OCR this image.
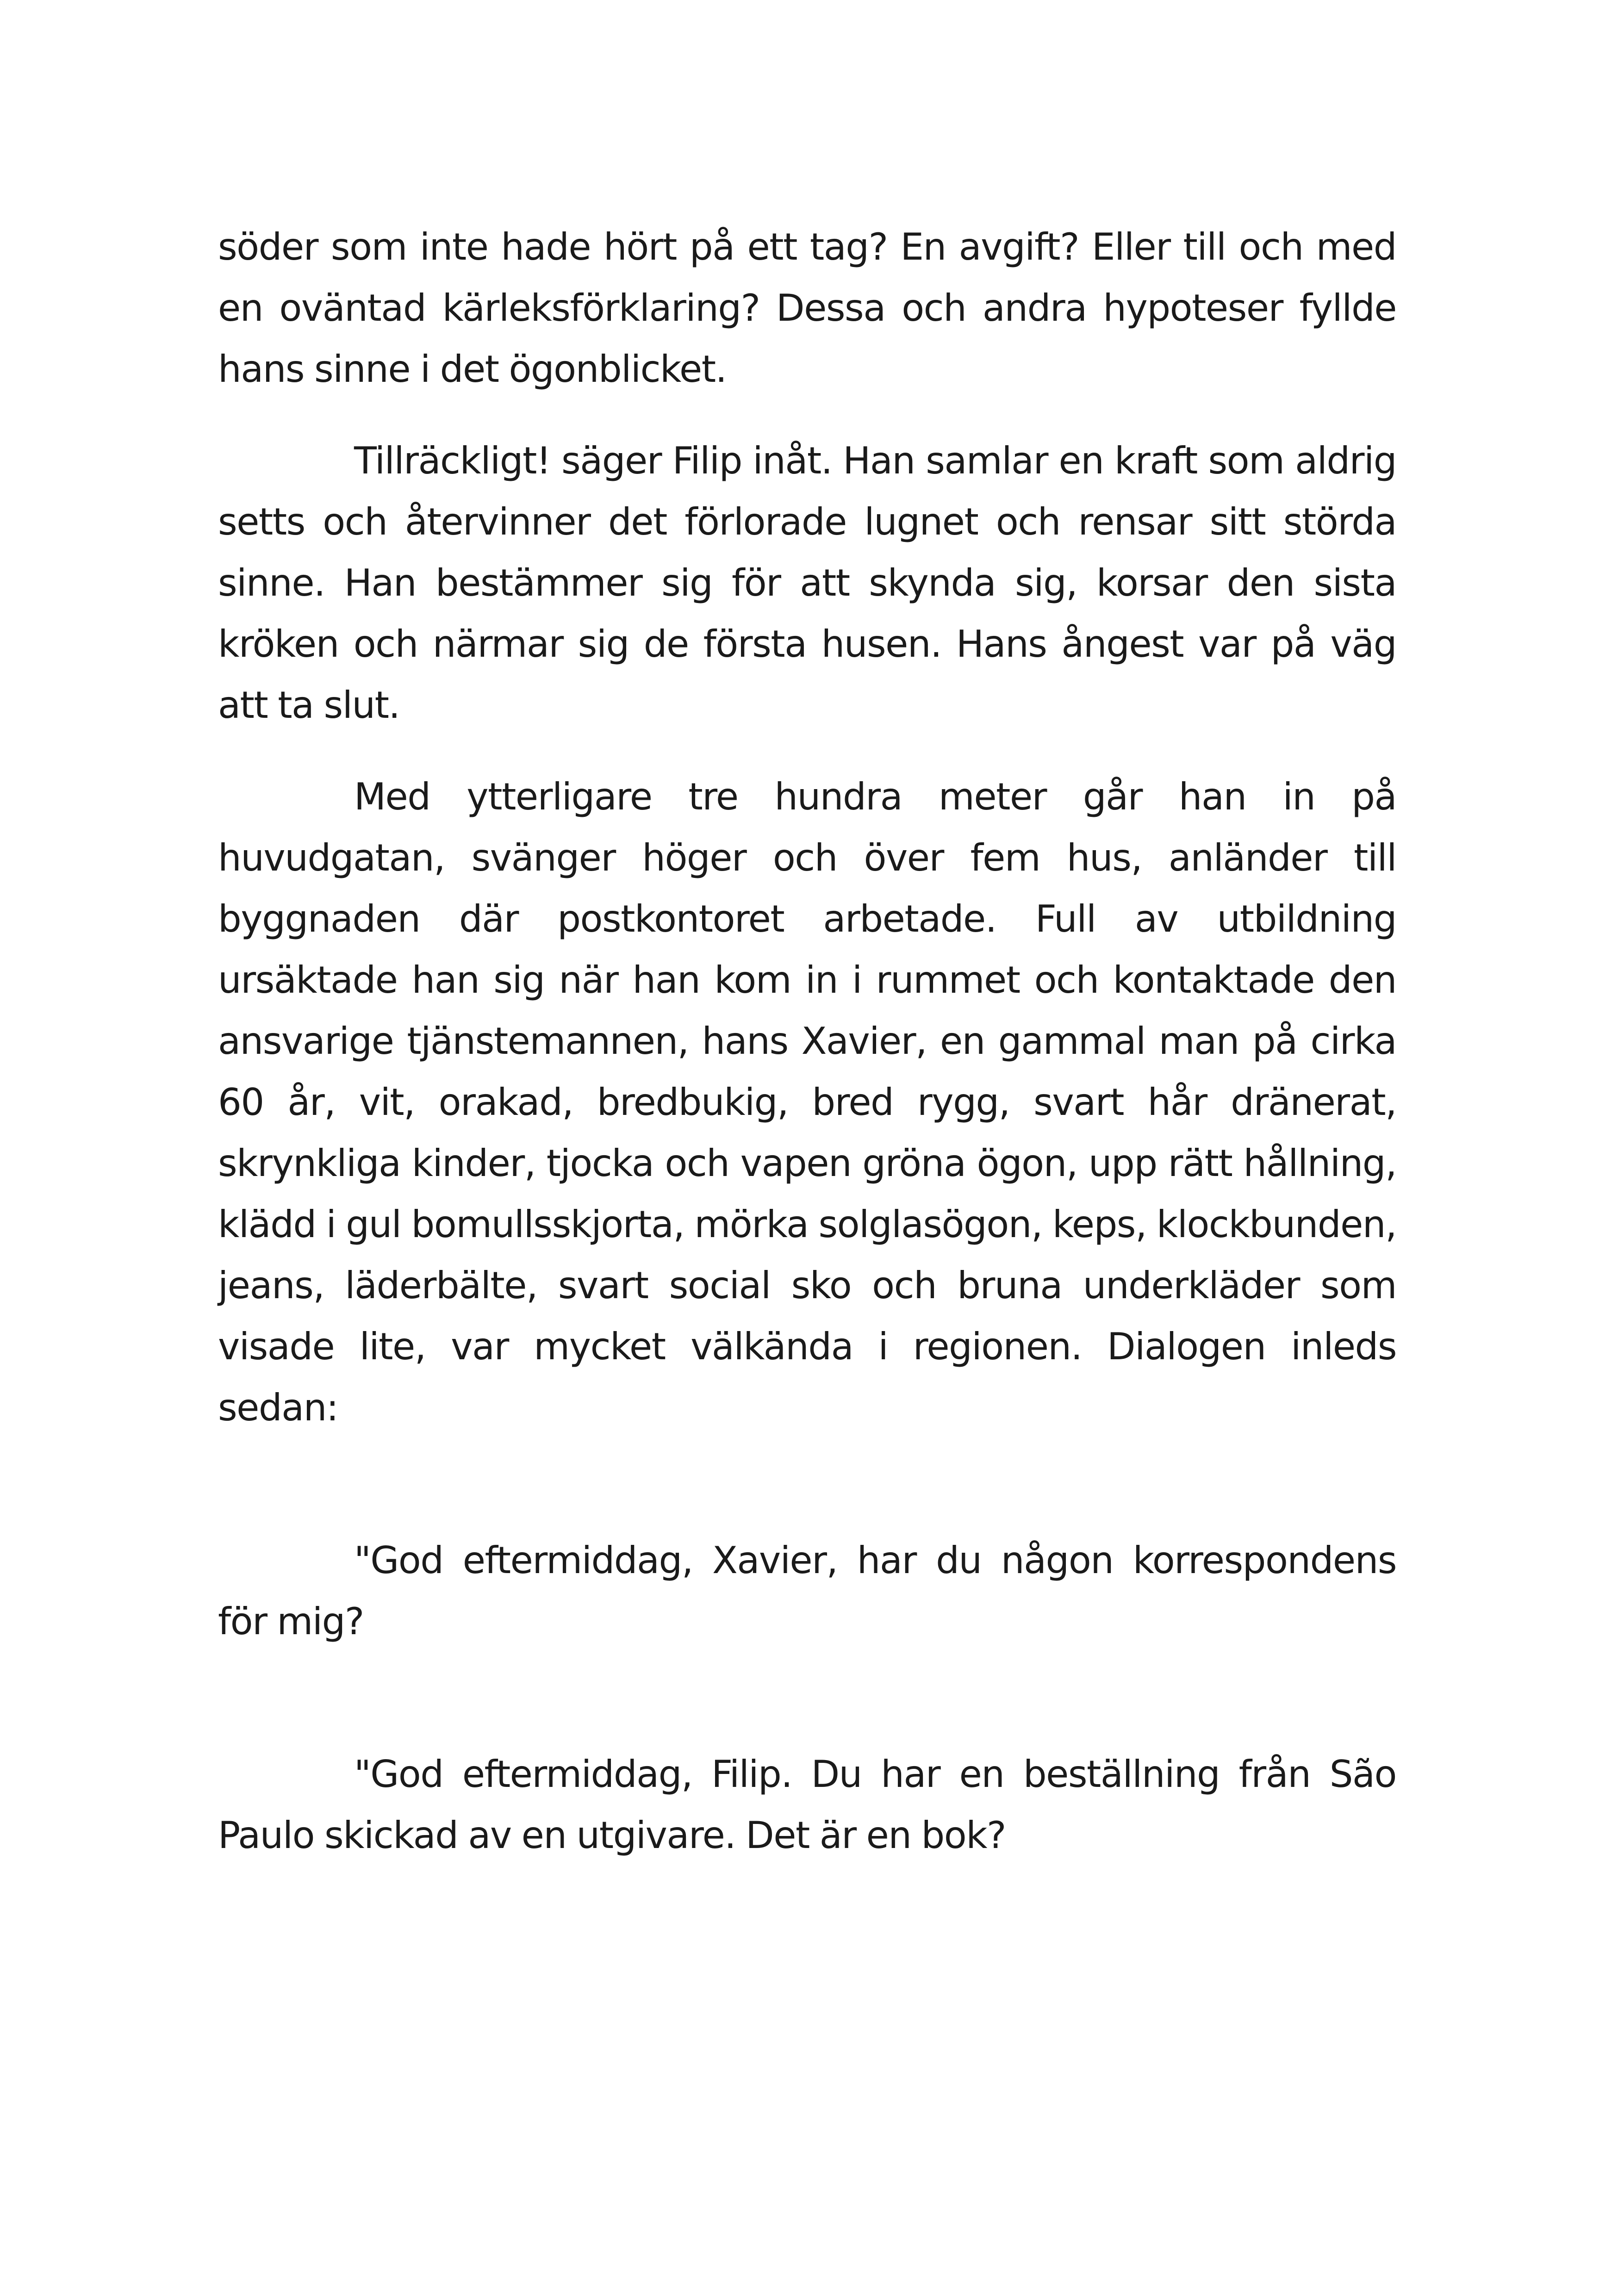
söder som inte hade hört på ett tag? En avgift? Eller till och med en oväntad kärleksförklaring? Dessa och andra hypoteser fyllde hans sinne i det ögonblicket.

Tillräckligt! säger Filip inåt. Han samlar en kraft som aldrig setts och återvinner det förlorade lugnet och rensar sitt störda sinne. Han bestämmer sig för att skynda sig, korsar den sista kröken och närmar sig de första husen. Hans ångest var på väg att ta slut.

Med ytterligare tre hundra meter går han in på huvudgatan, svänger höger och över fem hus, anländer till byggnaden där postkontoret arbetade. Full av utbildning ursäktade han sig när han kom in i rummet och kontaktade den ansvarige tjänstemannen, hans Xavier, en gammal man på cirka 60 år, vit, orakad, bredbukig, bred rygg, svart hår dränerat, skrynkliga kinder, tjocka och vapen gröna ögon, upp rätt hållning, klädd i gul bomullsskjorta, mörka solglasögon, keps, klockbunden, jeans, läderbälte, svart social sko och bruna underkläder som visade lite, var mycket välkända i regionen. Dialogen inleds sedan:

"God eftermiddag, Xavier, har du någon korrespondens för mig?

"God eftermiddag, Filip. Du har en beställning från São Paulo skickad av en utgivare. Det är en bok?
